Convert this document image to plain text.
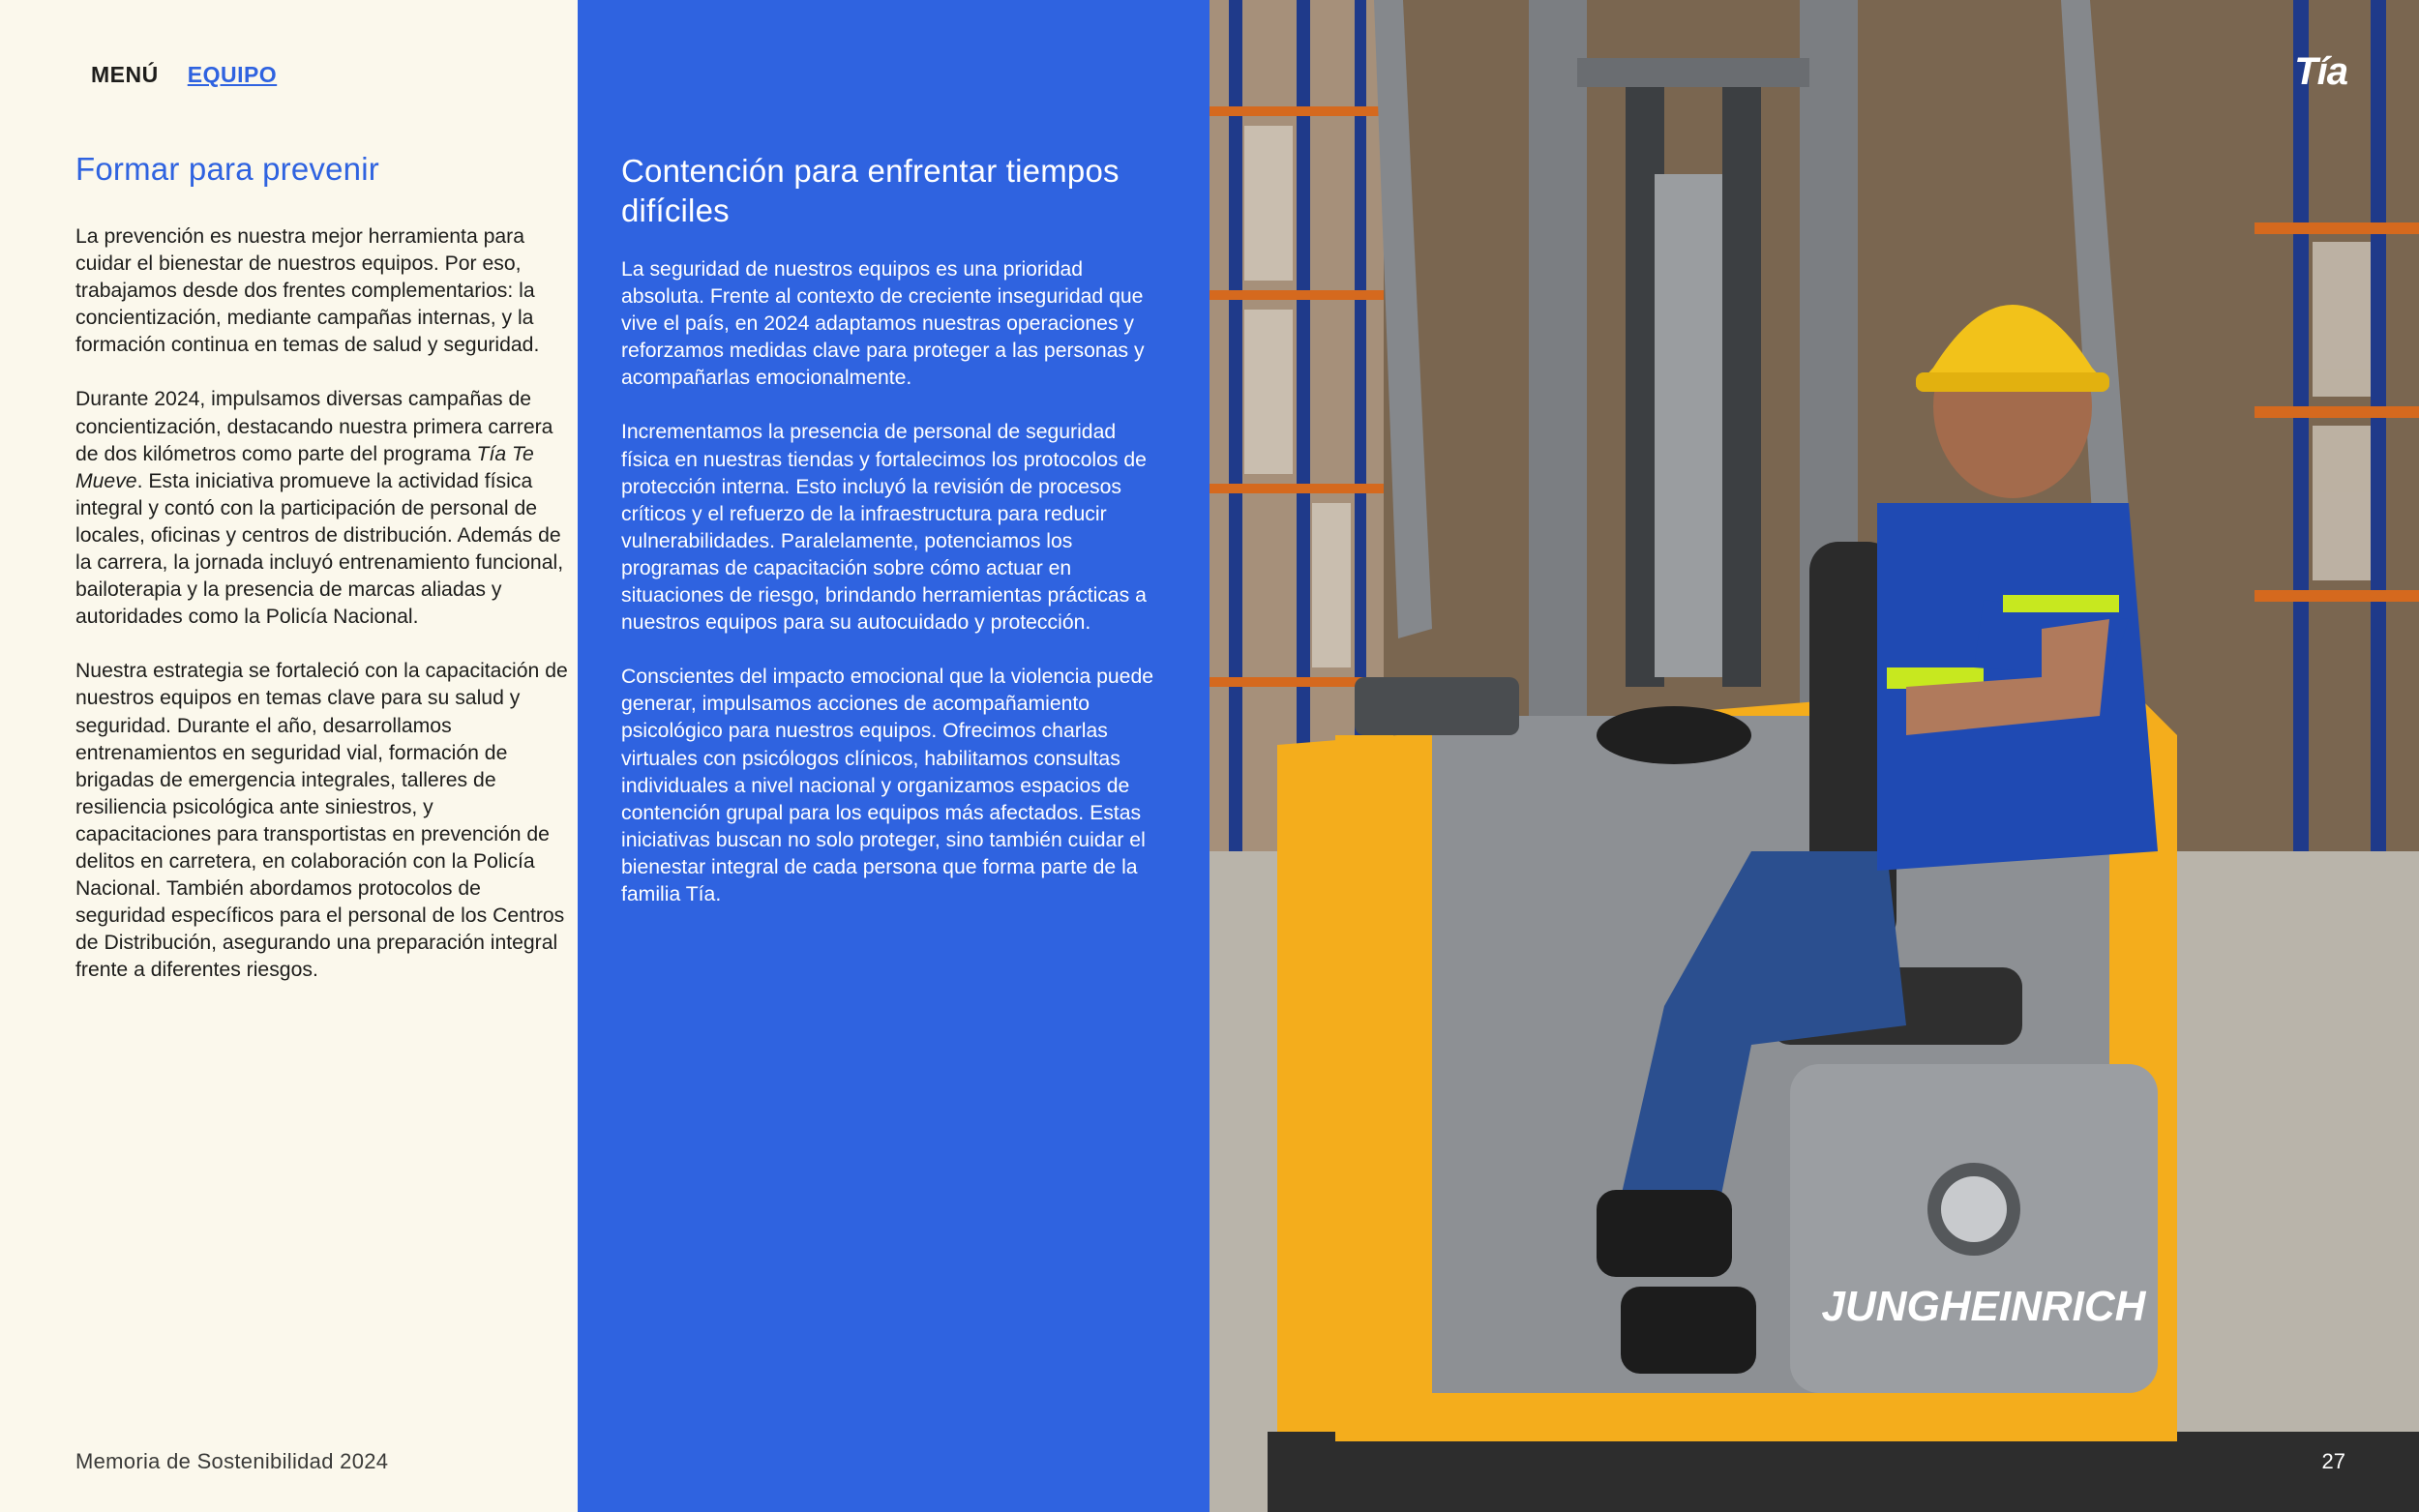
MENÚ EQUIPO
Formar para prevenir

La prevención es nuestra mejor herramienta para cuidar el bienestar de nuestros equipos. Por eso, trabajamos desde dos frentes complementarios: la concientización, mediante campañas internas, y la formación continua en temas de salud y seguridad.

Durante 2024, impulsamos diversas campañas de concientización, destacando nuestra primera carrera de dos kilómetros como parte del programa Tía Te Mueve. Esta iniciativa promueve la actividad física integral y contó con la participación de personal de locales, oficinas y centros de distribución. Además de la carrera, la jornada incluyó entrenamiento funcional, bailoterapia y la presencia de marcas aliadas y autoridades como la Policía Nacional.

Nuestra estrategia se fortaleció con la capacitación de nuestros equipos en temas clave para su salud y seguridad. Durante el año, desarrollamos entrenamientos en seguridad vial, formación de brigadas de emergencia integrales, talleres de resiliencia psicológica ante siniestros, y capacitaciones para transportistas en prevención de delitos en carretera, en colaboración con la Policía Nacional. También abordamos protocolos de seguridad específicos para el personal de los Centros de Distribución, asegurando una preparación integral frente a diferentes riesgos.

Memoria de Sostenibilidad 2024
Contención para enfrentar tiempos difíciles

La seguridad de nuestros equipos es una prioridad absoluta. Frente al contexto de creciente inseguridad que vive el país, en 2024 adaptamos nuestras operaciones y reforzamos medidas clave para proteger a las personas y acompañarlas emocionalmente.

Incrementamos la presencia de personal de seguridad física en nuestras tiendas y fortalecimos los protocolos de protección interna. Esto incluyó la revisión de procesos críticos y el refuerzo de la infraestructura para reducir vulnerabilidades. Paralelamente, potenciamos los programas de capacitación sobre cómo actuar en situaciones de riesgo, brindando herramientas prácticas a nuestros equipos para su autocuidado y protección.

Conscientes del impacto emocional que la violencia puede generar, impulsamos acciones de acompañamiento psicológico para nuestros equipos. Ofrecimos charlas virtuales con psicólogos clínicos, habilitamos consultas individuales a nivel nacional y organizamos espacios de contención grupal para los equipos más afectados. Estas iniciativas buscan no solo proteger, sino también cuidar el bienestar integral de cada persona que forma parte de la familia Tía.

JUNGHEINRICH
Tía
27
